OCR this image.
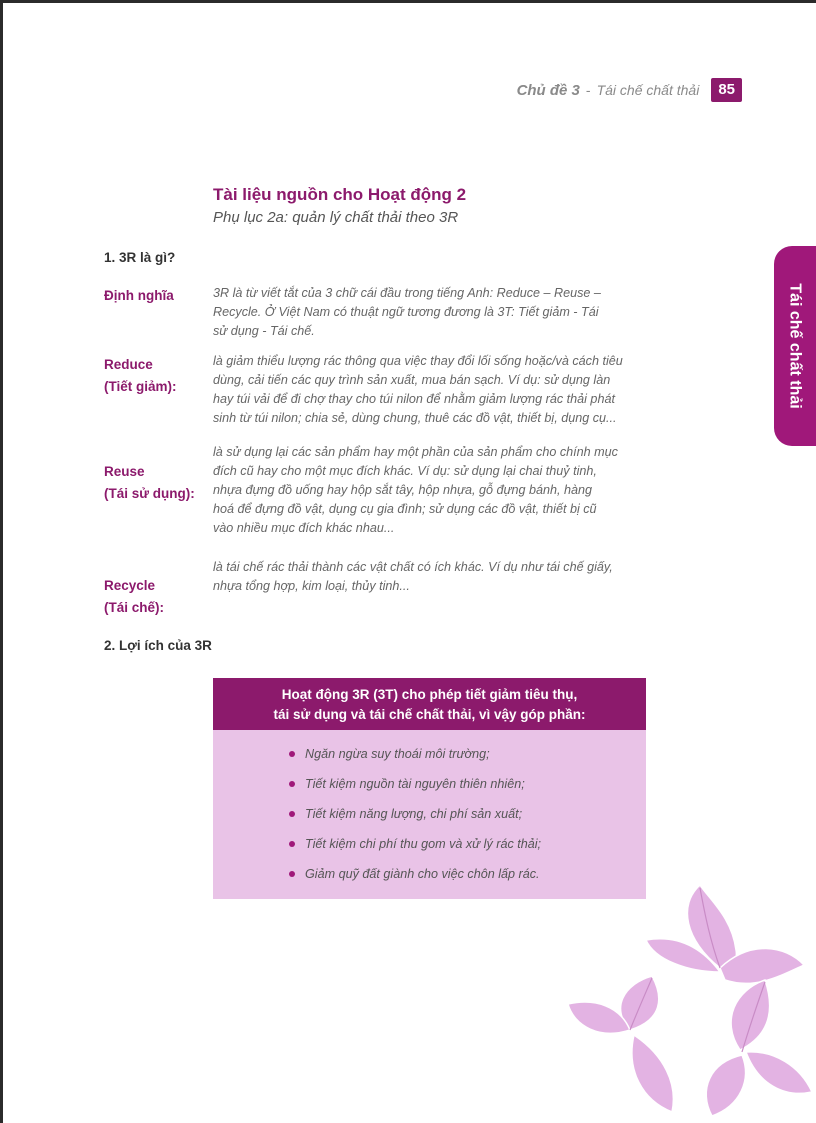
Chủ đề 3 - Tái chế chất thải	85
Tái chế chất thải
Tài liệu nguồn cho Hoạt động 2
Phụ lục 2a: quản lý chất thải theo 3R
1. 3R là gì?
Định nghĩa	3R là từ viết tắt của 3 chữ cái đầu trong tiếng Anh: Reduce – Reuse –
Recycle. Ở Việt Nam có thuật ngữ tương đương là 3T: Tiết giảm - Tái
sử dụng - Tái chế.
Reduce
(Tiết giảm):
là giảm thiểu lượng rác thông qua việc thay đổi lối sống hoặc/và cách tiêu
dùng, cải tiến các quy trình sản xuất, mua bán sạch. Ví dụ: sử dụng làn
hay túi vải để đi chợ thay cho túi nilon để nhằm giảm lượng rác thải phát
sinh từ túi nilon; chia sẻ, dùng chung, thuê các đồ vật, thiết bị, dụng cụ...
Reuse
(Tái sử dụng):
là sử dụng lại các sản phẩm hay một phần của sản phẩm cho chính mục
đích cũ hay cho một mục đích khác. Ví dụ: sử dụng lại chai thuỷ tinh,
nhựa đựng đồ uống hay hộp sắt tây, hộp nhựa, gỗ đựng bánh, hàng
hoá để đựng đồ vật, dụng cụ gia đình; sử dụng các đồ vật, thiết bị cũ
vào nhiều mục đích khác nhau...
Recycle
(Tái chế):
là tái chế rác thải thành các vật chất có ích khác. Ví dụ như tái chế giấy,
nhựa tổng hợp, kim loại, thủy tinh...
2. Lợi ích của 3R
Hoạt động 3R (3T) cho phép tiết giảm tiêu thụ,
tái sử dụng và tái chế chất thải, vì vậy góp phần:
Ngăn ngừa suy thoái môi trường;
Tiết kiệm nguồn tài nguyên thiên nhiên;
Tiết kiệm năng lượng, chi phí sản xuất;
Tiết kiệm chi phí thu gom và xử lý rác thải;
Giảm quỹ đất giành cho việc chôn lấp rác.
